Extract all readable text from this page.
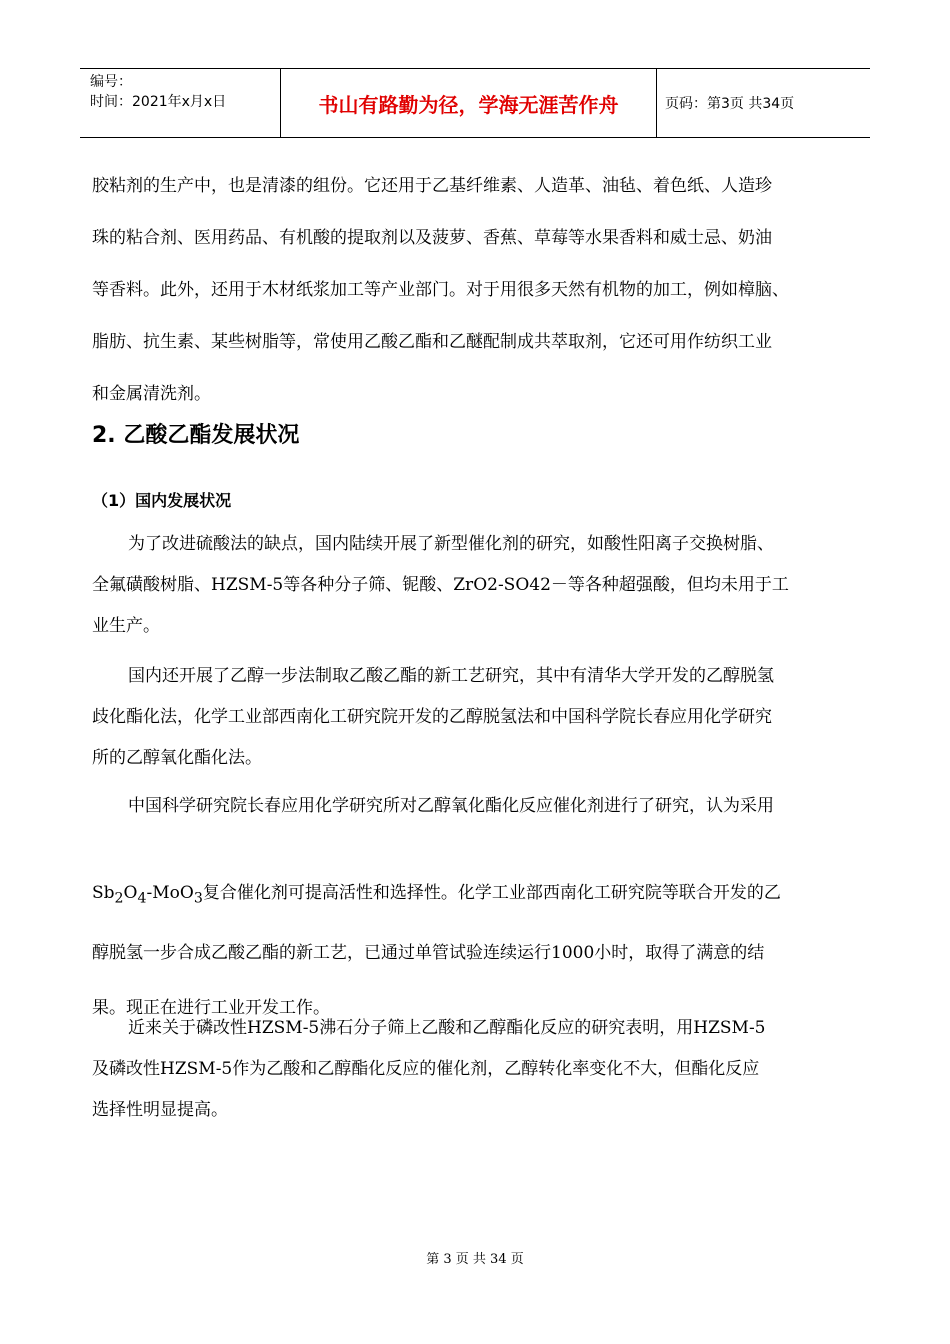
编号：
时间：2021年x月x日	书山有路勤为径，学海无涯苦作舟	页码：第3页 共34页
胶粘剂的生产中，也是清漆的组份。它还用于乙基纤维素、人造革、油毡、着色纸、人造珍
珠的粘合剂、医用药品、有机酸的提取剂以及菠萝、香蕉、草莓等水果香料和威士忌、奶油
等香料。此外，还用于木材纸浆加工等产业部门。对于用很多天然有机物的加工，例如樟脑、
脂肪、抗生素、某些树脂等，常使用乙酸乙酯和乙醚配制成共萃取剂，它还可用作纺织工业
和金属清洗剂。
2. 乙酸乙酯发展状况
（1）国内发展状况
为了改进硫酸法的缺点，国内陆续开展了新型催化剂的研究，如酸性阳离子交换树脂、
全氟磺酸树脂、HZSM-5等各种分子筛、铌酸、ZrO2-SO42－等各种超强酸，但均未用于工
业生产。
国内还开展了乙醇一步法制取乙酸乙酯的新工艺研究，其中有清华大学开发的乙醇脱氢
歧化酯化法，化学工业部西南化工研究院开发的乙醇脱氢法和中国科学院长春应用化学研究
所的乙醇氧化酯化法。
中国科学研究院长春应用化学研究所对乙醇氧化酯化反应催化剂进行了研究，认为采用
$Sb_2O_4-MoO_3$复合催化剂可提高活性和选择性。化学工业部西南化工研究院等联合开发的乙
醇脱氢一步合成乙酸乙酯的新工艺，已通过单管试验连续运行1000小时，取得了满意的结
果。现正在进行工业开发工作。
近来关于磷改性HZSM-5沸石分子筛上乙酸和乙醇酯化反应的研究表明，用HZSM-5
及磷改性HZSM-5作为乙酸和乙醇酯化反应的催化剂，乙醇转化率变化不大，但酯化反应
选择性明显提高。
第 3 页 共 34 页
